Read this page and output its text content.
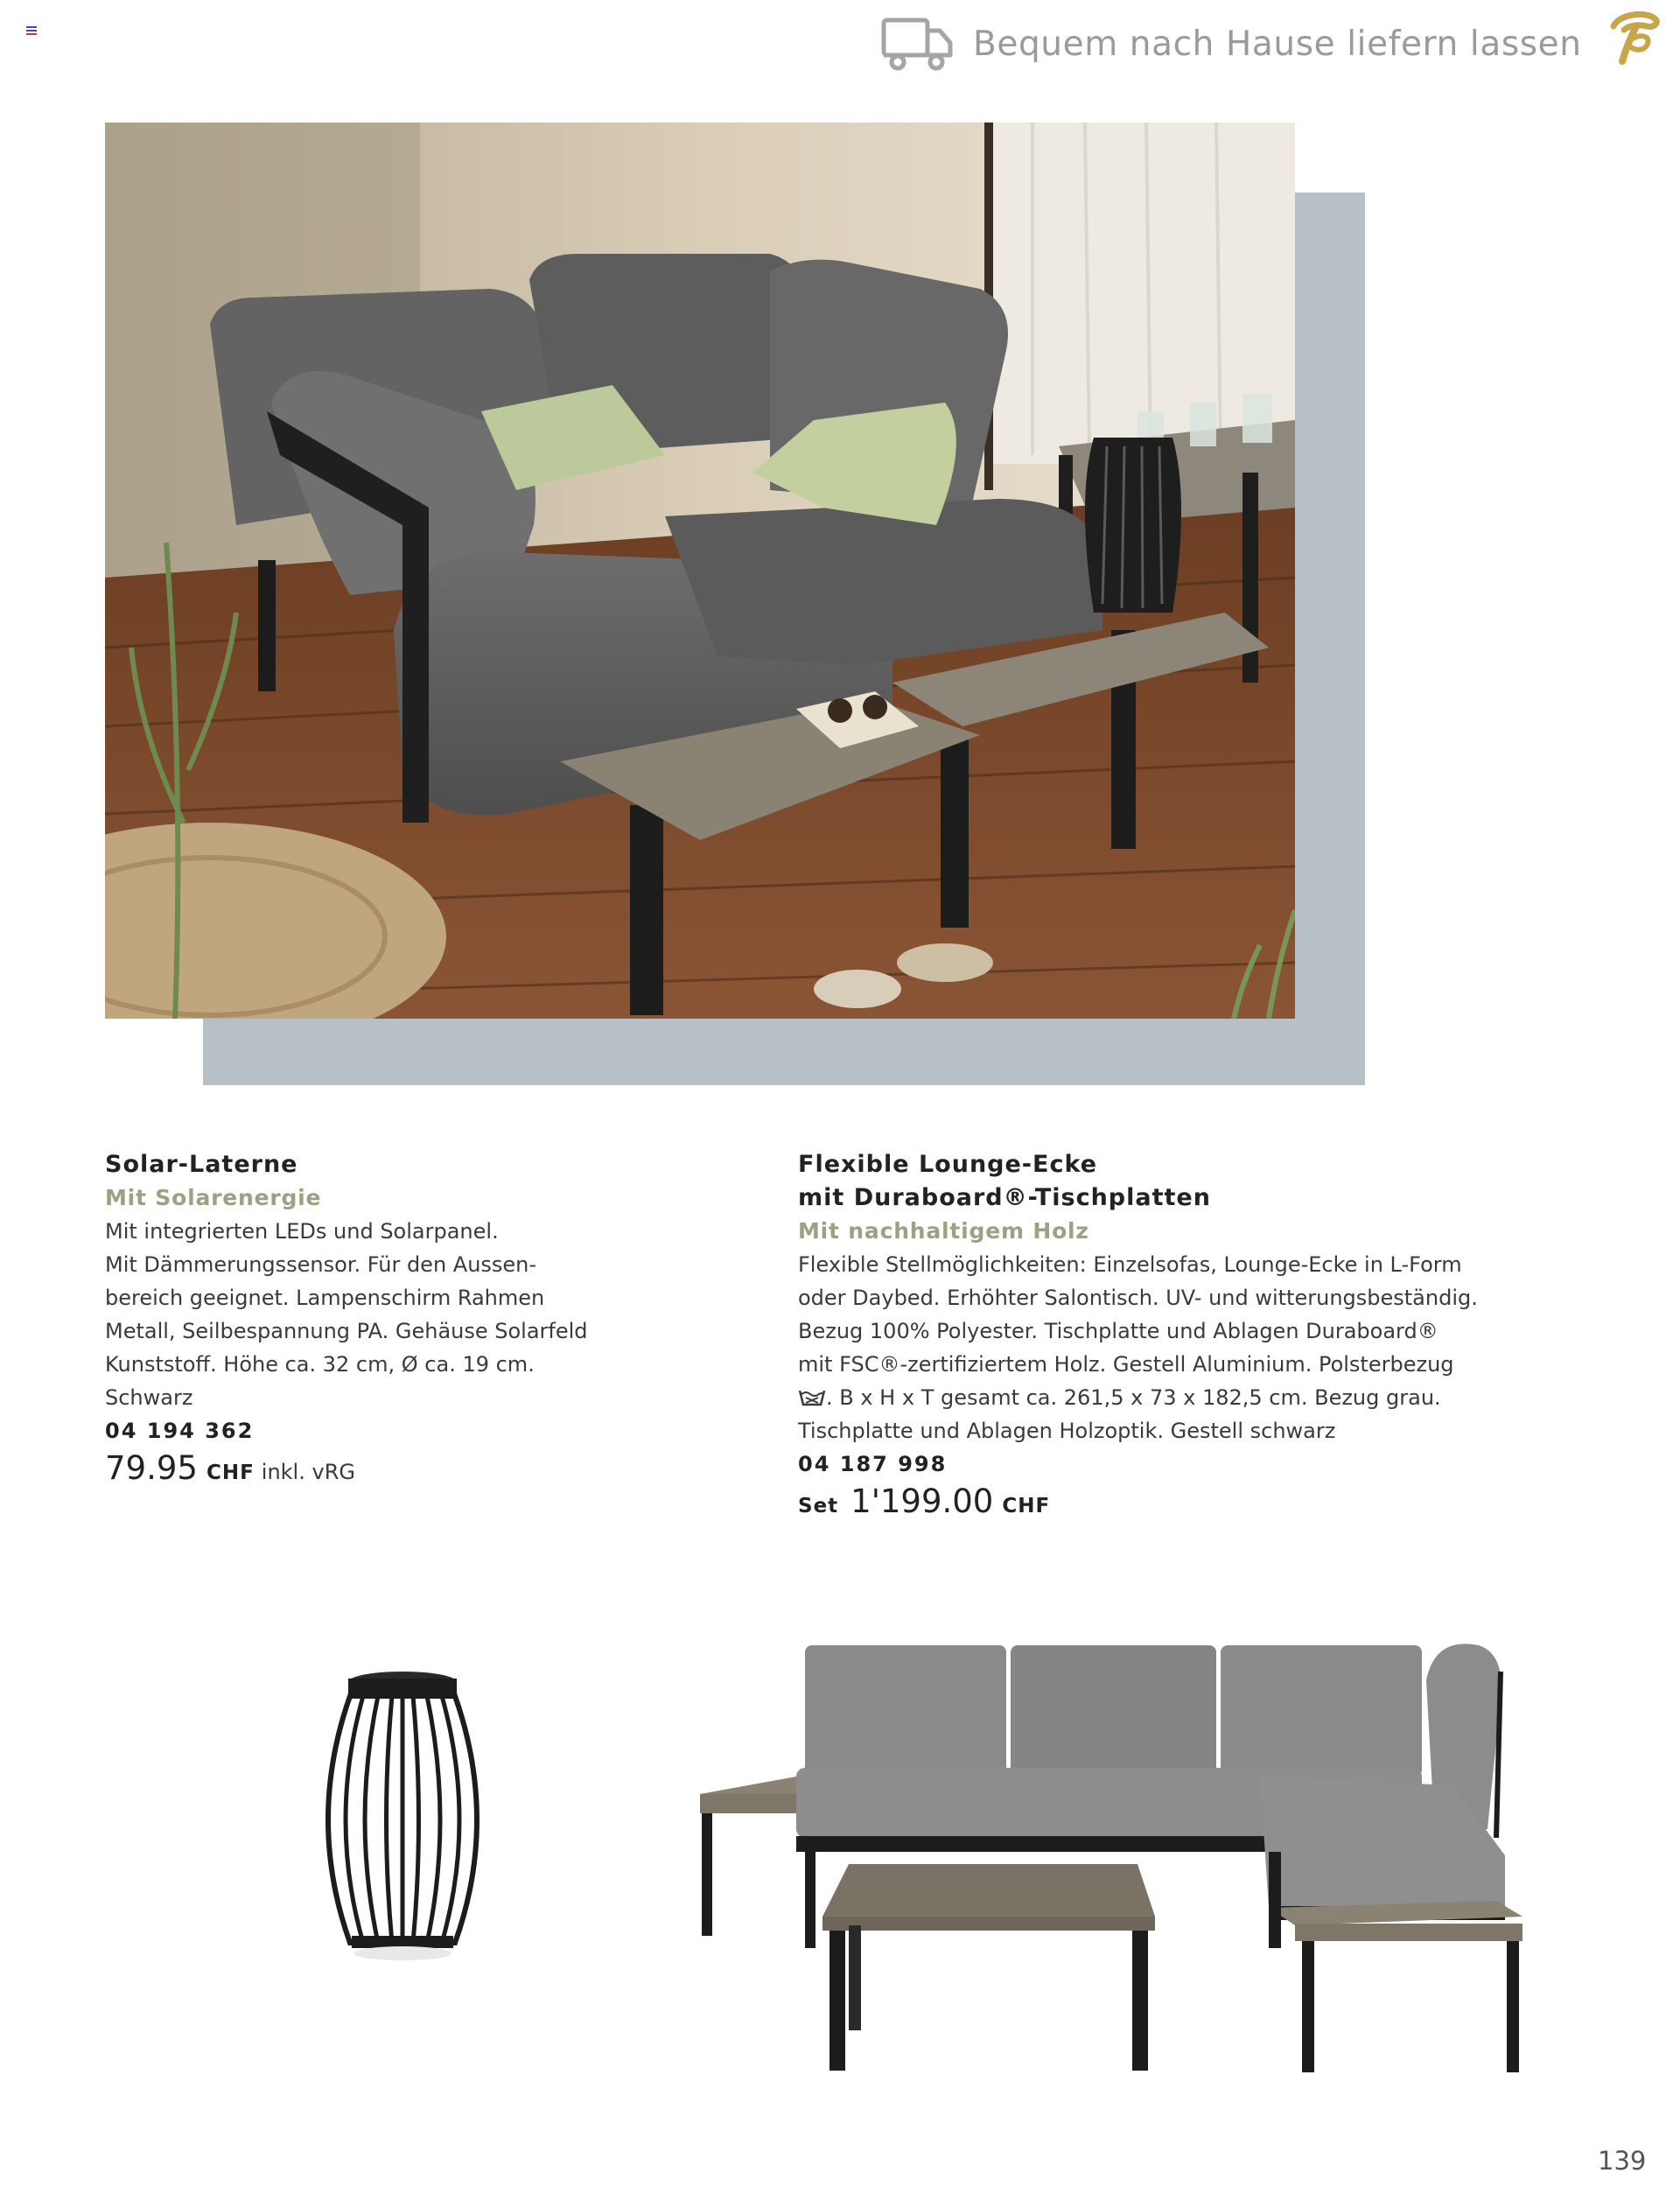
Bequem nach Hause liefern lassen
Solar-Laterne
Mit Solarenergie
Mit integrierten LEDs und Solarpanel.
Mit Dämmerungssensor. Für den Aussen-
bereich geeignet. Lampenschirm Rahmen
Metall, Seilbespannung PA. Gehäuse Solarfeld
Kunststoff. Höhe ca. 32 cm, Ø ca. 19 cm.
Schwarz
04 194 362
79.95 CHF inkl. vRG
Flexible Lounge-Ecke
mit Duraboard®-Tischplatten
Mit nachhaltigem Holz
Flexible Stellmöglichkeiten: Einzelsofas, Lounge-Ecke in L-Form
oder Daybed. Erhöhter Salontisch. UV- und witterungsbeständig.
Bezug 100% Polyester. Tischplatte und Ablagen Duraboard®
mit FSC®-zertifiziertem Holz. Gestell Aluminium. Polsterbezug
. B x H x T gesamt ca. 261,5 x 73 x 182,5 cm. Bezug grau.
Tischplatte und Ablagen Holzoptik. Gestell schwarz
04 187 998
Set 1'199.00 CHF
139
